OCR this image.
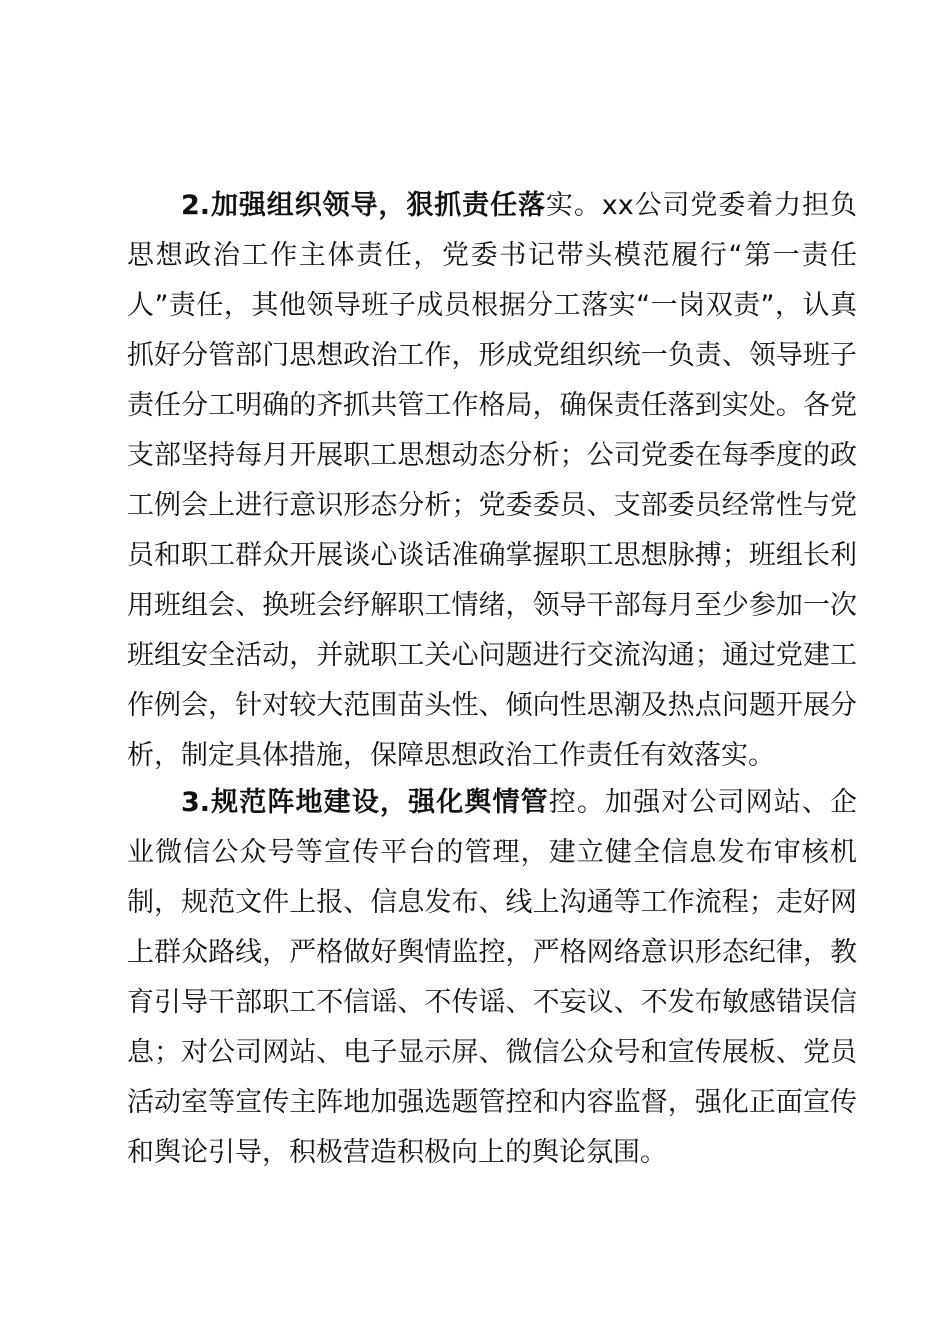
2.加强组织领导，狠抓责任落实。xx公司党委着力担负思想政治工作主体责任，党委书记带头模范履行“第一责任人”责任，其他领导班子成员根据分工落实“一岗双责”，认真抓好分管部门思想政治工作，形成党组织统一负责、领导班子责任分工明确的齐抓共管工作格局，确保责任落到实处。各党支部坚持每月开展职工思想动态分析；公司党委在每季度的政工例会上进行意识形态分析；党委委员、支部委员经常性与党员和职工群众开展谈心谈话准确掌握职工思想脉搏；班组长利用班组会、换班会纾解职工情绪，领导干部每月至少参加一次班组安全活动，并就职工关心问题进行交流沟通；通过党建工作例会，针对较大范围苗头性、倾向性思潮及热点问题开展分析，制定具体措施，保障思想政治工作责任有效落实。

3.规范阵地建设，强化舆情管控。加强对公司网站、企业微信公众号等宣传平台的管理，建立健全信息发布审核机制，规范文件上报、信息发布、线上沟通等工作流程；走好网上群众路线，严格做好舆情监控，严格网络意识形态纪律，教育引导干部职工不信谣、不传谣、不妄议、不发布敏感错误信息；对公司网站、电子显示屏、微信公众号和宣传展板、党员活动室等宣传主阵地加强选题管控和内容监督，强化正面宣传和舆论引导，积极营造积极向上的舆论氛围。
